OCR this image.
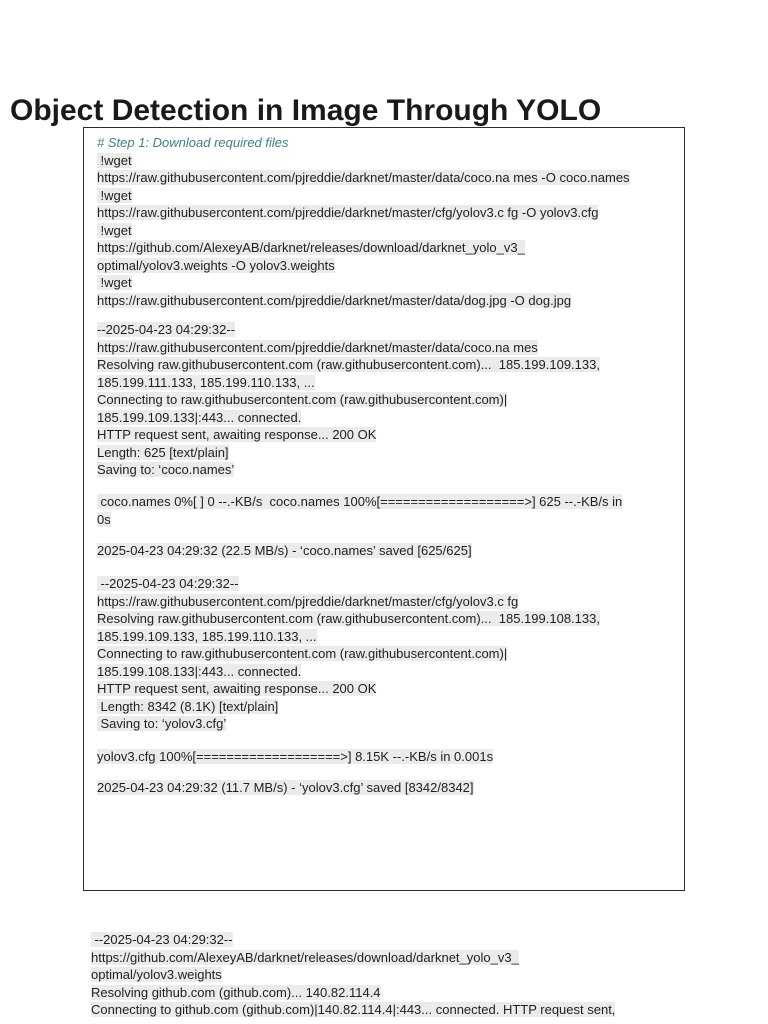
Object Detection in Image Through YOLO
# Step 1: Download required files
!wget
https://raw.githubusercontent.com/pjreddie/darknet/master/data/coco.na mes -O coco.names
!wget
https://raw.githubusercontent.com/pjreddie/darknet/master/cfg/yolov3.c fg -O yolov3.cfg
!wget
https://github.com/AlexeyAB/darknet/releases/download/darknet_yolo_v3_
optimal/yolov3.weights -O yolov3.weights
!wget
https://raw.githubusercontent.com/pjreddie/darknet/master/data/dog.jpg -O dog.jpg
--2025-04-23 04:29:32--
https://raw.githubusercontent.com/pjreddie/darknet/master/data/coco.na mes
Resolving raw.githubusercontent.com (raw.githubusercontent.com)...  185.199.109.133,
185.199.111.133, 185.199.110.133, ...
Connecting to raw.githubusercontent.com (raw.githubusercontent.com)|
185.199.109.133|:443... connected.
HTTP request sent, awaiting response... 200 OK
Length: 625 [text/plain]
Saving to: ‘coco.names’
coco.names 0%[ ] 0 --.-KB/s  coco.names 100%[===================>] 625 --.-KB/s in
0s
2025-04-23 04:29:32 (22.5 MB/s) - ‘coco.names’ saved [625/625]
--2025-04-23 04:29:32--
https://raw.githubusercontent.com/pjreddie/darknet/master/cfg/yolov3.c fg
Resolving raw.githubusercontent.com (raw.githubusercontent.com)...  185.199.108.133,
185.199.109.133, 185.199.110.133, ...
Connecting to raw.githubusercontent.com (raw.githubusercontent.com)|
185.199.108.133|:443... connected.
HTTP request sent, awaiting response... 200 OK
Length: 8342 (8.1K) [text/plain]
Saving to: ‘yolov3.cfg’
yolov3.cfg 100%[===================>] 8.15K --.-KB/s in 0.001s
2025-04-23 04:29:32 (11.7 MB/s) - ‘yolov3.cfg’ saved [8342/8342]
--2025-04-23 04:29:32--
https://github.com/AlexeyAB/darknet/releases/download/darknet_yolo_v3_
optimal/yolov3.weights
Resolving github.com (github.com)... 140.82.114.4
Connecting to github.com (github.com)|140.82.114.4|:443... connected. HTTP request sent,
